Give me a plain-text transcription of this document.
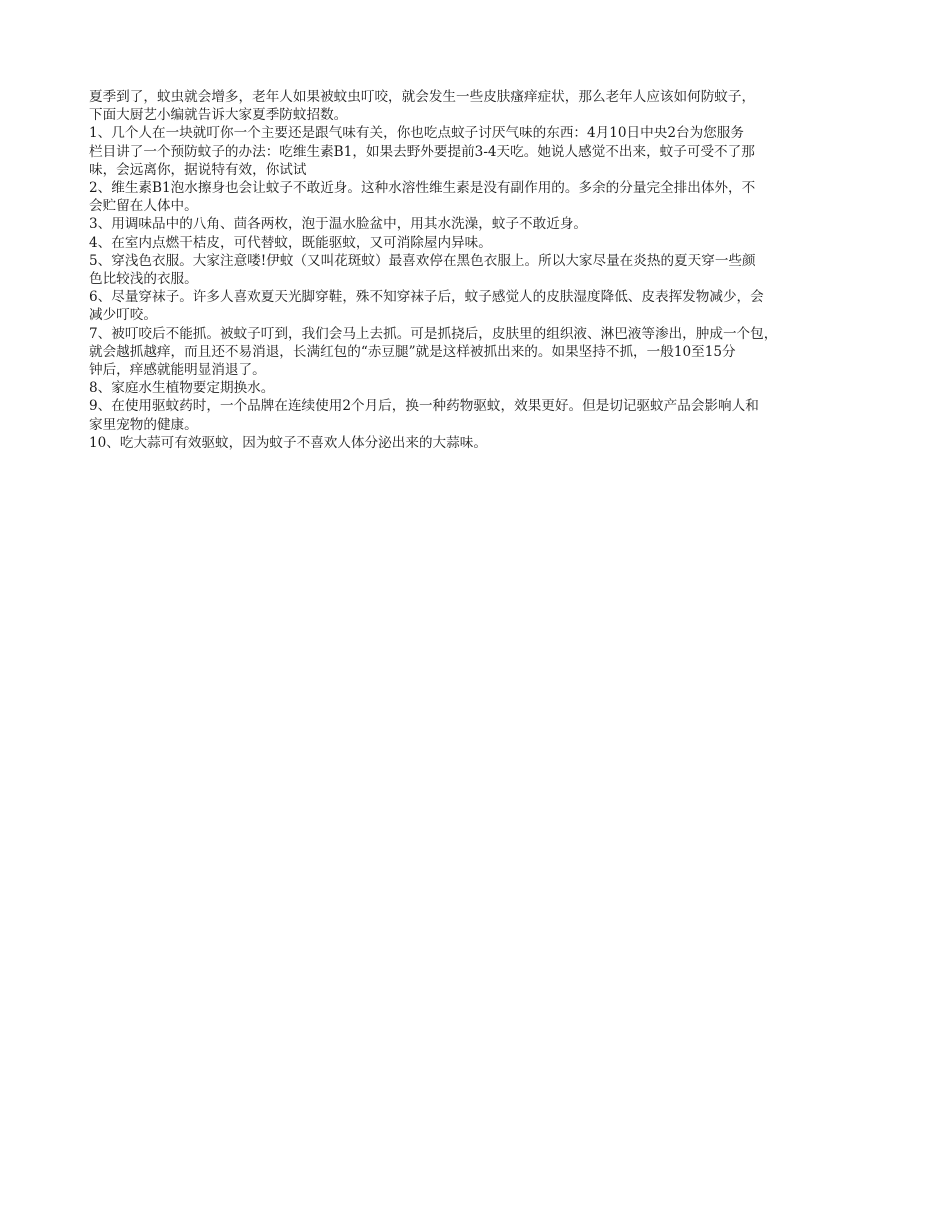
夏季到了，蚊虫就会增多，老年人如果被蚊虫叮咬，就会发生一些皮肤瘙痒症状，那么老年人应该如何防蚊子，
下面大厨艺小编就告诉大家夏季防蚊招数。

1、几个人在一块就叮你一个主要还是跟气味有关，你也吃点蚊子讨厌气味的东西：4月10日中央2台为您服务
栏目讲了一个预防蚊子的办法：吃维生素B1，如果去野外要提前3-4天吃。她说人感觉不出来，蚊子可受不了那
味，会远离你，据说特有效，你试试

2、维生素B1泡水擦身也会让蚊子不敢近身。这种水溶性维生素是没有副作用的。多余的分量完全排出体外，不
会贮留在人体中。

3、用调味品中的八角、茴各两枚，泡于温水脸盆中，用其水洗澡，蚊子不敢近身。

4、在室内点燃干桔皮，可代替蚊，既能驱蚊，又可消除屋内异味。

5、穿浅色衣服。大家注意喽!伊蚊（又叫花斑蚊）最喜欢停在黑色衣服上。所以大家尽量在炎热的夏天穿一些颜
色比较浅的衣服。

6、尽量穿袜子。许多人喜欢夏天光脚穿鞋，殊不知穿袜子后，蚊子感觉人的皮肤湿度降低、皮表挥发物减少，会
减少叮咬。

7、被叮咬后不能抓。被蚊子叮到，我们会马上去抓。可是抓挠后，皮肤里的组织液、淋巴液等渗出，肿成一个包，
就会越抓越痒，而且还不易消退，长满红包的“赤豆腿”就是这样被抓出来的。如果坚持不抓，一般10至15分
钟后，痒感就能明显消退了。

8、家庭水生植物要定期换水。

9、在使用驱蚊药时，一个品牌在连续使用2个月后，换一种药物驱蚊，效果更好。但是切记驱蚊产品会影响人和
家里宠物的健康。

10、吃大蒜可有效驱蚊，因为蚊子不喜欢人体分泌出来的大蒜味。
